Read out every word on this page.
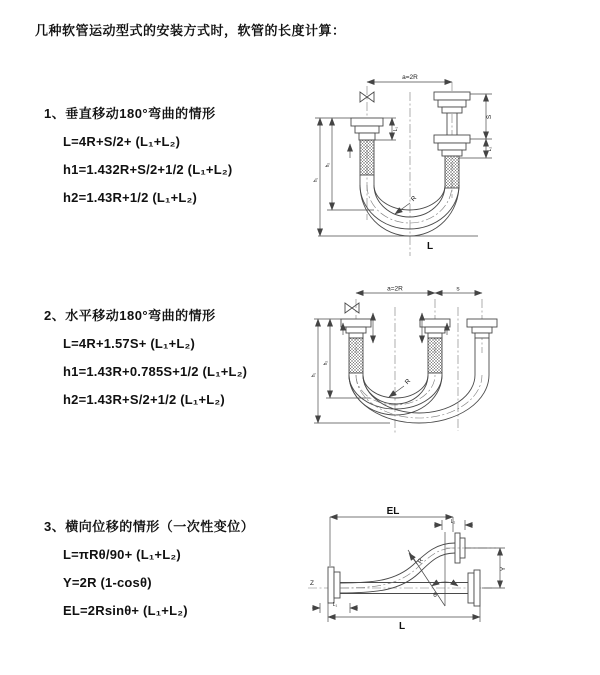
几种软管运动型式的安装方式时，软管的长度计算：
1、垂直移动180°弯曲的情形
L=4R+S/2+ (L₁+L₂)
h1=1.432R+S/2+1/2 (L₁+L₂)
h2=1.43R+1/2 (L₁+L₂)
a=2R
L₁
S
L₂
h₁
h₂
R
L
2、水平移动180°弯曲的情形
L=4R+1.57S+ (L₁+L₂)
h1=1.43R+0.785S+1/2 (L₁+L₂)
h2=1.43R+S/2+1/2 (L₁+L₂)
a=2R	s
h₁
h₂
R
3、横向位移的情形（一次性变位）
L=πRθ/90+ (L₁+L₂)
Y=2R (1-cosθ)
EL=2Rsinθ+ (L₁+L₂)
Z
EL
L₂
Y
R
θ
L
L₁
